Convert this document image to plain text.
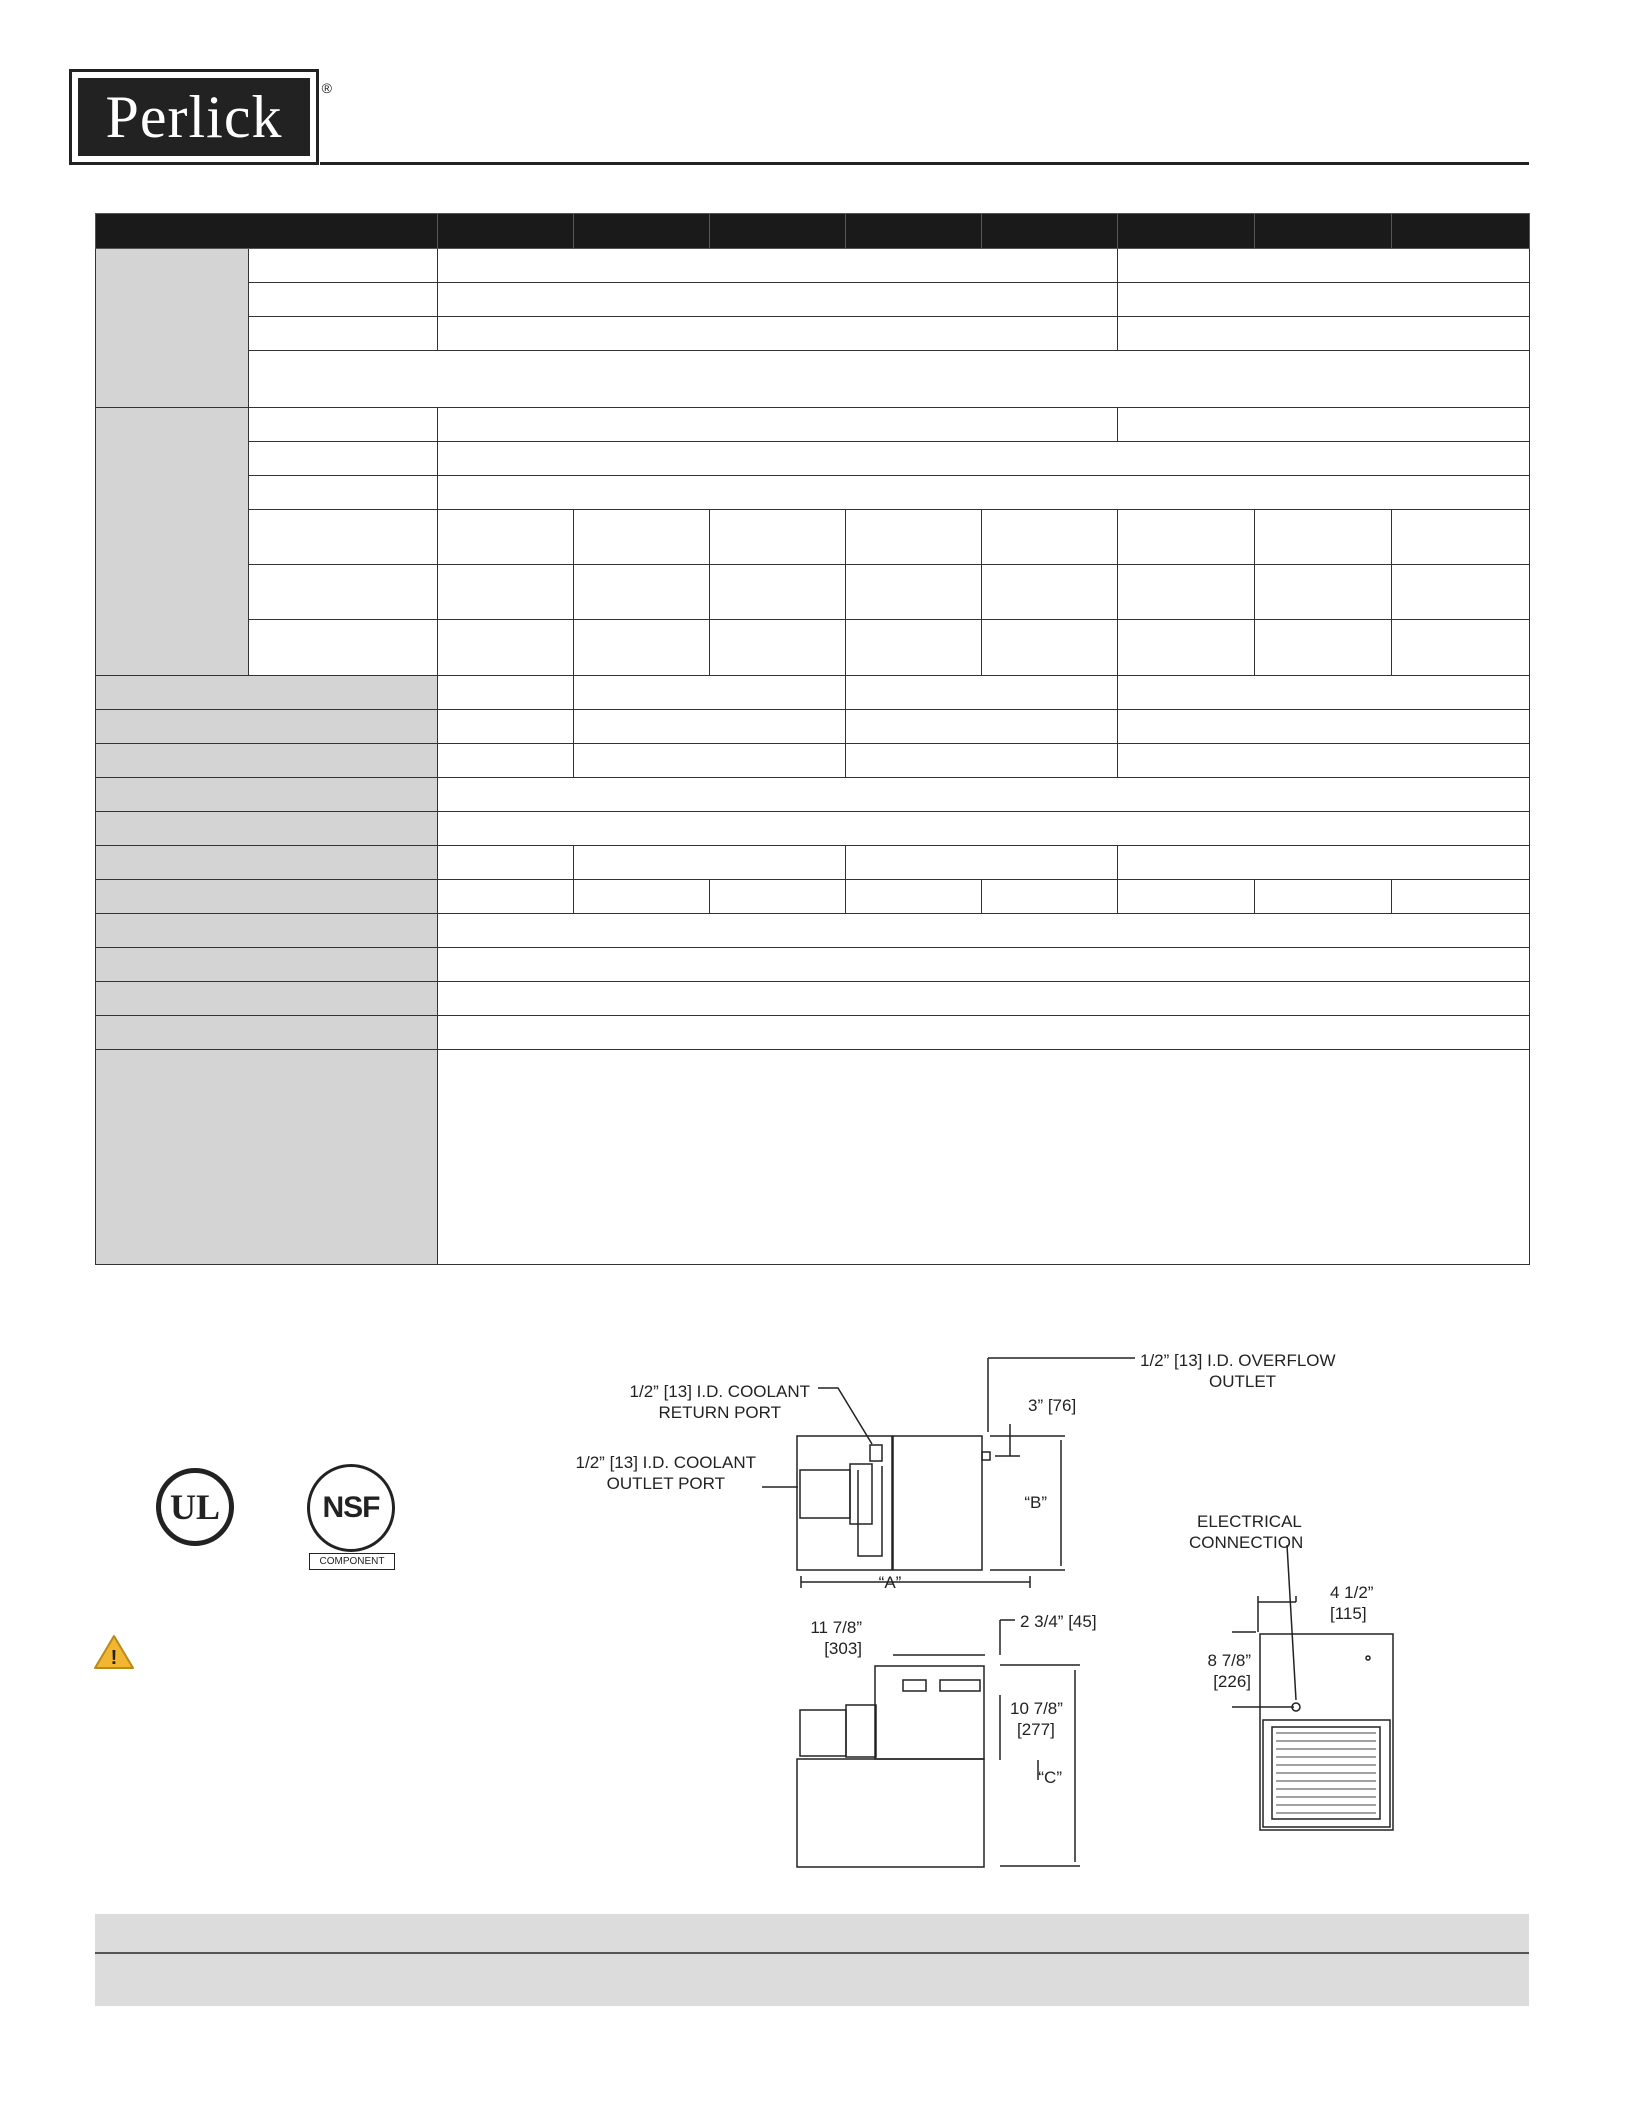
Perlick	®

UL	NSF
COMPONENT
!
1/2” [13] I.D. COOLANT
RETURN PORT
1/2” [13] I.D. COOLANT
OUTLET PORT
1/2” [13] I.D. OVERFLOW
OUTLET
3” [76]
“B”
“A”
11 7/8”
[303]
2 3/4” [45]
10 7/8”
[277]
“C”
ELECTRICAL
CONNECTION
4 1/2”
[115]
8 7/8”
[226]
